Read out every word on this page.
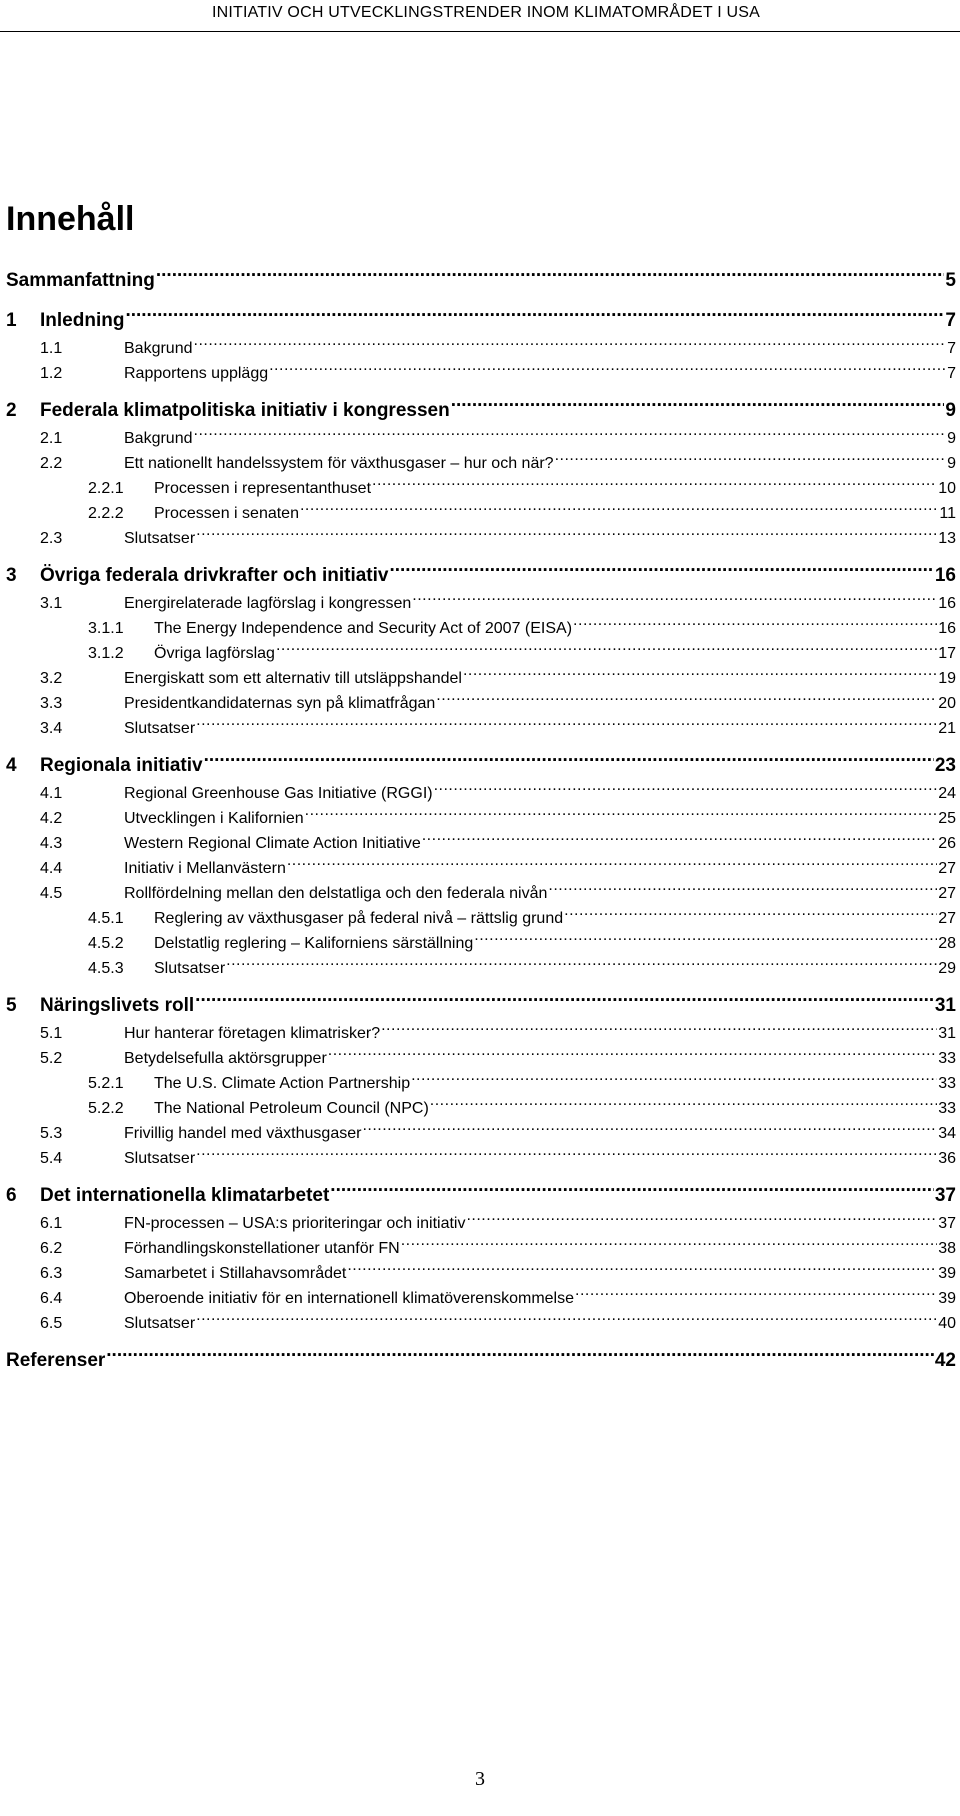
INITIATIV OCH UTVECKLINGSTRENDER INOM KLIMATOMRÅDET I USA
Innehåll
Sammanfattning .....	5
1	Inledning .....	7
1.1	Bakgrund .....	7
1.2	Rapportens upplägg .....	7
2	Federala klimatpolitiska initiativ i kongressen .....	9
2.1	Bakgrund .....	9
2.2	Ett nationellt handelssystem för växthusgaser – hur och när? .....	9
2.2.1	Processen i representanthuset .....	10
2.2.2	Processen i senaten .....	11
2.3	Slutsatser .....	13
3	Övriga federala drivkrafter och initiativ .....	16
3.1	Energirelaterade lagförslag i kongressen .....	16
3.1.1	The Energy Independence and Security Act of 2007 (EISA) .....	16
3.1.2	Övriga lagförslag .....	17
3.2	Energiskatt som ett alternativ till utsläppshandel .....	19
3.3	Presidentkandidaternas syn på klimatfrågan .....	20
3.4	Slutsatser .....	21
4	Regionala initiativ .....	23
4.1	Regional Greenhouse Gas Initiative (RGGI) .....	24
4.2	Utvecklingen i Kalifornien .....	25
4.3	Western Regional Climate Action Initiative .....	26
4.4	Initiativ i Mellanvästern .....	27
4.5	Rollfördelning mellan den delstatliga och den federala nivån .....	27
4.5.1	Reglering av växthusgaser på federal nivå – rättslig grund .....	27
4.5.2	Delstatlig reglering – Kaliforniens särställning .....	28
4.5.3	Slutsatser .....	29
5	Näringslivets roll .....	31
5.1	Hur hanterar företagen klimatrisker? .....	31
5.2	Betydelsefulla aktörsgrupper .....	33
5.2.1	The U.S. Climate Action Partnership .....	33
5.2.2	The National Petroleum Council (NPC) .....	33
5.3	Frivillig handel med växthusgaser .....	34
5.4	Slutsatser .....	36
6	Det internationella klimatarbetet .....	37
6.1	FN-processen – USA:s prioriteringar och initiativ .....	37
6.2	Förhandlingskonstellationer utanför FN .....	38
6.3	Samarbetet i Stillahavsområdet .....	39
6.4	Oberoende initiativ för en internationell klimatöverenskommelse .....	39
6.5	Slutsatser .....	40
Referenser .....	42
3
